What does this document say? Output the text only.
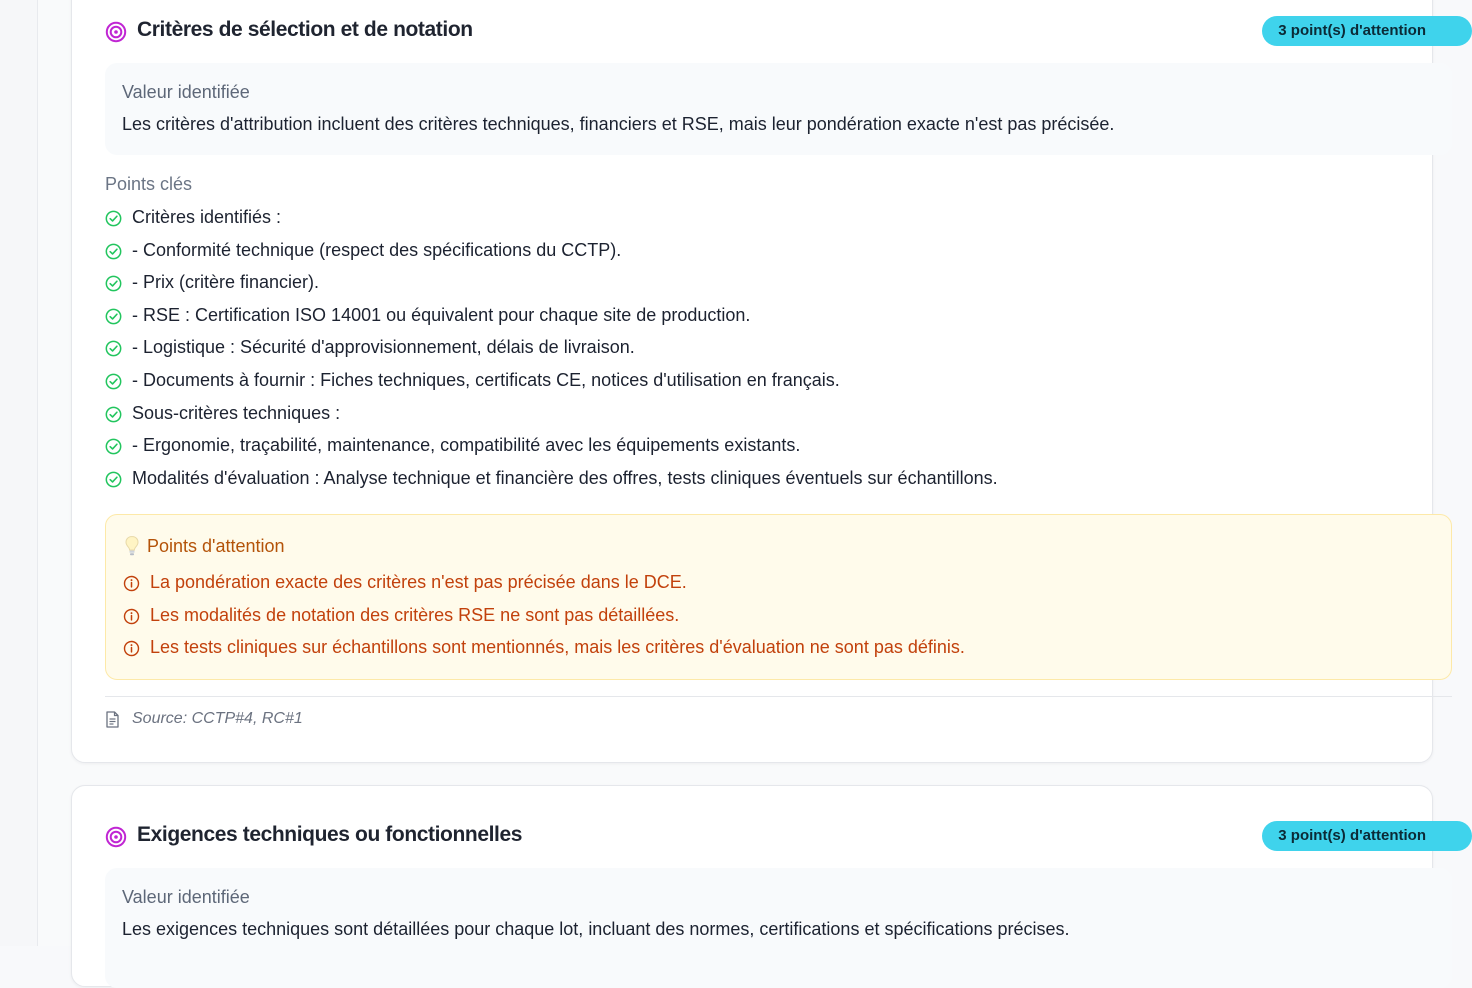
Critères de sélection et de notation	3 point(s) d'attention
Valeur identifiée
Les critères d'attribution incluent des critères techniques, financiers et RSE, mais leur pondération exacte n'est pas précisée.
Points clés
Critères identifiés :
- Conformité technique (respect des spécifications du CCTP).
- Prix (critère financier).
- RSE : Certification ISO 14001 ou équivalent pour chaque site de production.
- Logistique : Sécurité d'approvisionnement, délais de livraison.
- Documents à fournir : Fiches techniques, certificats CE, notices d'utilisation en français.
Sous-critères techniques :
- Ergonomie, traçabilité, maintenance, compatibilité avec les équipements existants.
Modalités d'évaluation : Analyse technique et financière des offres, tests cliniques éventuels sur échantillons.
Points d'attention
La pondération exacte des critères n'est pas précisée dans le DCE.
Les modalités de notation des critères RSE ne sont pas détaillées.
Les tests cliniques sur échantillons sont mentionnés, mais les critères d'évaluation ne sont pas définis.
Source: CCTP#4, RC#1
Exigences techniques ou fonctionnelles	3 point(s) d'attention
Valeur identifiée
Les exigences techniques sont détaillées pour chaque lot, incluant des normes, certifications et spécifications précises.
